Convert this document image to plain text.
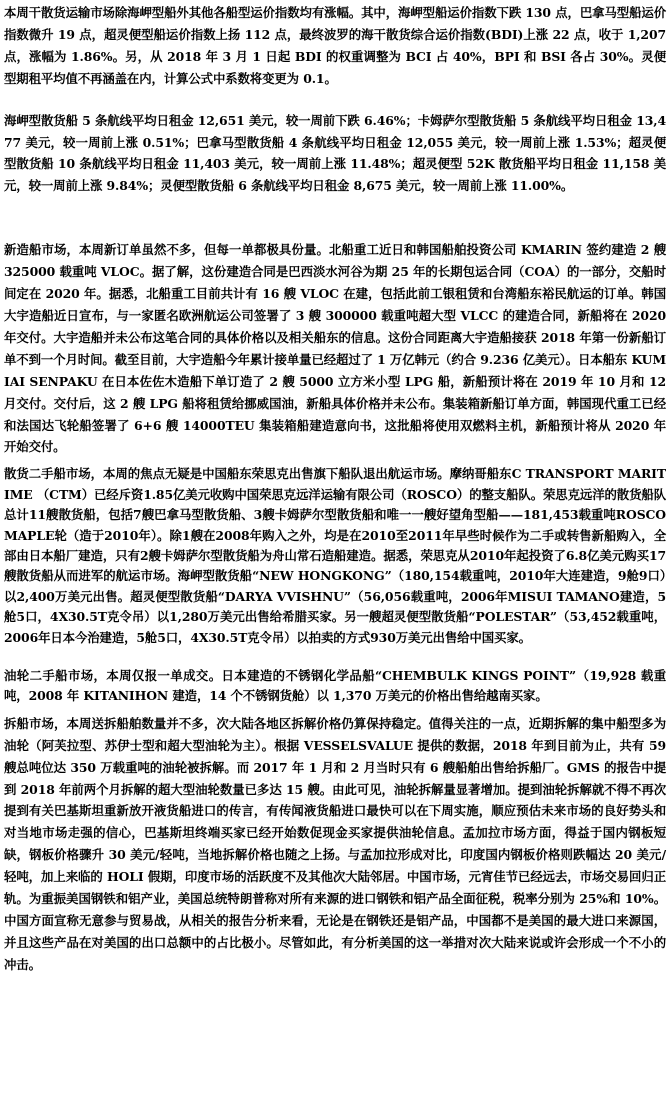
本周干散货运输市场除海岬型船外其他各船型运价指数均有涨幅。其中，海岬型船运价指数下跌 130 点，巴拿马型船运价指数微升 19 点，超灵便型船运价指数上扬 112 点，最终波罗的海干散货综合运价指数(BDI)上涨 22 点，收于 1,207 点，涨幅为 1.86%。另，从 2018 年 3 月 1 日起 BDI 的权重调整为 BCI 占 40%，BPI 和 BSI 各占 30%。灵便型期租平均值不再涵盖在内，计算公式中系数将变更为 0.1。

海岬型散货船 5 条航线平均日租金 12,651 美元，较一周前下跌 6.46%；卡姆萨尔型散货船 5 条航线平均日租金 13,477 美元，较一周前上涨 0.51%；巴拿马型散货船 4 条航线平均日租金 12,055 美元，较一周前上涨 1.53%；超灵便型散货船 10 条航线平均日租金 11,403 美元，较一周前上涨 11.48%；超灵便型 52K 散货船平均日租金 11,158 美元，较一周前上涨 9.84%；灵便型散货船 6 条航线平均日租金 8,675 美元，较一周前上涨 11.00%。

新造船市场，本周新订单虽然不多，但每一单都极具份量。北船重工近日和韩国船舶投资公司 KMARIN 签约建造 2 艘 325000 载重吨 VLOC。据了解，这份建造合同是巴西淡水河谷为期 25 年的长期包运合同（COA）的一部分，交船时间定在 2020 年。据悉，北船重工目前共计有 16 艘 VLOC 在建，包括此前工银租赁和台湾船东裕民航运的订单。韩国大宇造船近日宣布，与一家匿名欧洲航运公司签署了 3 艘 300000 载重吨超大型 VLCC 的建造合同，新船将在 2020 年交付。大宇造船并未公布这笔合同的具体价格以及相关船东的信息。这份合同距离大宇造船接获 2018 年第一份新船订单不到一个月时间。截至目前，大宇造船今年累计接单量已经超过了 1 万亿韩元（约合 9.236 亿美元）。日本船东 KUMIAI SENPAKU 在日本佐佐木造船下单订造了 2 艘 5000 立方米小型 LPG 船，新船预计将在 2019 年 10 月和 12 月交付。交付后，这 2 艘 LPG 船将租赁给挪威国油，新船具体价格并未公布。集装箱新船订单方面，韩国现代重工已经和法国达飞轮船签署了 6+6 艘 14000TEU 集装箱船建造意向书，这批船将使用双燃料主机，新船预计将从 2020 年开始交付。

散货二手船市场，本周的焦点无疑是中国船东荣思克出售旗下船队退出航运市场。摩纳哥船东C TRANSPORT MARITIME （CTM）已经斥资1.85亿美元收购中国荣思克远洋运输有限公司（ROSCO）的整支船队。荣思克远洋的散货船队总计11艘散货船，包括7艘巴拿马型散货船、3艘卡姆萨尔型散货船和唯一一艘好望角型船——181,453载重吨ROSCO MAPLE轮（造于2010年）。除1艘在2008年购入之外，均是在2010至2011年早些时候作为二手或转售新船购入，全部由日本船厂建造，只有2艘卡姆萨尔型散货船为舟山常石造船建造。据悉，荣思克从2010年起投资了6.8亿美元购买17艘散货船从而进军的航运市场。海岬型散货船“NEW HONGKONG”（180,154载重吨，2010年大连建造，9舱9口）以2,400万美元出售。超灵便型散货船“DARYA VVISHNU”（56,056载重吨，2006年MISUI TAMANO建造，5舱5口，4X30.5T克令吊）以1,280万美元出售给希腊买家。另一艘超灵便型散货船“POLESTAR”（53,452载重吨，2006年日本今治建造，5舱5口，4X30.5T克令吊）以拍卖的方式930万美元出售给中国买家。

油轮二手船市场，本周仅报一单成交。日本建造的不锈钢化学品船“CHEMBULK KINGS POINT”（19,928 载重吨，2008 年 KITANIHON 建造，14 个不锈钢货舱）以 1,370 万美元的价格出售给越南买家。

拆船市场，本周送拆船舶数量并不多，次大陆各地区拆解价格仍算保持稳定。值得关注的一点，近期拆解的集中船型多为油轮（阿芙拉型、苏伊士型和超大型油轮为主）。根据 VESSELSVALUE 提供的数据，2018 年到目前为止，共有 59 艘总吨位达 350 万载重吨的油轮被拆解。而 2017 年 1 月和 2 月当时只有 6 艘船舶出售给拆船厂。GMS 的报告中提到 2018 年前两个月拆解的超大型油轮数量已多达 15 艘。由此可见，油轮拆解量显著增加。提到油轮拆解就不得不再次提到有关巴基斯坦重新放开液货船进口的传言，有传闻液货船进口最快可以在下周实施，顺应预估未来市场的良好势头和对当地市场走强的信心，巴基斯坦终端买家已经开始数促现金买家提供油轮信息。孟加拉市场方面，得益于国内钢板短缺，钢板价格骤升 30 美元/轻吨，当地拆解价格也随之上扬。与孟加拉形成对比，印度国内钢板价格则跌幅达 20 美元/轻吨，加上来临的 HOLI 假期，印度市场的活跃度不及其他次大陆邻居。中国市场，元宵佳节已经远去，市场交易回归正轨。为重振美国钢铁和铝产业，美国总统特朗普称对所有来源的进口钢铁和铝产品全面征税，税率分别为 25%和 10%。中国方面宣称无意参与贸易战，从相关的报告分析来看，无论是在钢铁还是铝产品，中国都不是美国的最大进口来源国，并且这些产品在对美国的出口总额中的占比极小。尽管如此，有分析美国的这一举措对次大陆来说或许会形成一个不小的冲击。
